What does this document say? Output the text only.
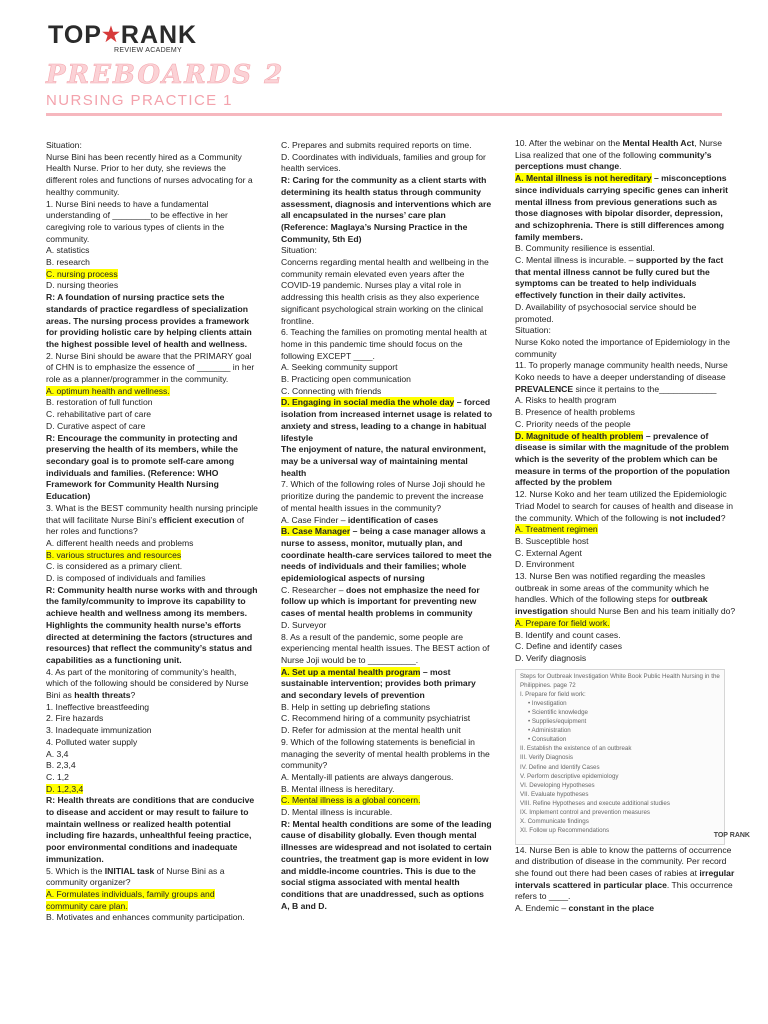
TOP★RANK
REVIEW ACADEMY
PREBOARDS 2
NURSING PRACTICE 1

Situation:

Nurse Bini has been recently hired as a Community Health Nurse. Prior to her duty, she reviews the different roles and functions of nurses advocating for a healthy community.

1. Nurse Bini needs to have a fundamental understanding of ________to be effective in her caregiving role to various types of clients in the community.

A. statistics

B. research

C. nursing process

D. nursing theories

R: A foundation of nursing practice sets the standards of practice regardless of specialization areas. The nursing process provides a framework for providing holistic care by helping clients attain the highest possible level of health and wellness.

2. Nurse Bini should be aware that the PRIMARY goal of CHN is to emphasize the essence of _______ in her role as a planner/programmer in the community.

A. optimum health and wellness.

B. restoration of full function

C. rehabilitative part of care

D. Curative aspect of care

R: Encourage the community in protecting and preserving the health of its members, while the secondary goal is to promote self-care among individuals and families. (Reference: WHO Framework for Community Health Nursing Education)

3. What is the BEST community health nursing principle that will facilitate Nurse Bini’s efficient execution of her roles and functions?

A. different health needs and problems

B. various structures and resources

C. is considered as a primary client.

D. is composed of individuals and families

R: Community health nurse works with and through the family/community to improve its capability to achieve health and wellness among its members. Highlights the community health nurse’s efforts directed at determining the factors (structures and resources) that reflect the community’s status and capabilities as a functioning unit.

4. As part of the monitoring of community’s health, which of the following should be considered by Nurse Bini as health threats?

1. Ineffective breastfeeding

2. Fire hazards

3. Inadequate immunization

4. Polluted water supply

A. 3,4

B. 2,3,4

C. 1,2

D. 1,2,3,4

R: Health threats are conditions that are conducive to disease and accident or may result to failure to maintain wellness or realized health potential including fire hazards, unhealthful feeing practice, poor environmental conditions and inadequate immunization.

5. Which is the INITIAL task of Nurse Bini as a community organizer?

A. Formulates individuals, family groups and community care plan.

B. Motivates and enhances community participation.

C. Prepares and submits required reports on time.

D. Coordinates with individuals, families and group for health services.

R: Caring for the community as a client starts with determining its health status through community assessment, diagnosis and interventions which are all encapsulated in the nurses’ care plan (Reference: Maglaya’s Nursing Practice in the Community, 5th Ed)

Situation:

Concerns regarding mental health and wellbeing in the community remain elevated even years after the COVID-19 pandemic. Nurses play a vital role in addressing this health crisis as they also experience significant psychological strain working on the clinical frontline.

6. Teaching the families on promoting mental health at home in this pandemic time should focus on the following EXCEPT ____.

A. Seeking community support

B. Practicing open communication

C. Connecting with friends

D. Engaging in social media the whole day – forced isolation from increased internet usage is related to anxiety and stress, leading to a change in habitual lifestyle

The enjoyment of nature, the natural environment, may be a universal way of maintaining mental health

7. Which of the following roles of Nurse Joji should he prioritize during the pandemic to prevent the increase of mental health issues in the community?

A. Case Finder – identification of cases

B. Case Manager – being a case manager allows a nurse to assess, monitor, mutually plan, and coordinate health-care services tailored to meet the needs of individuals and their families; whole epidemiological aspects of nursing

C. Researcher – does not emphasize the need for follow up which is important for preventing new cases of mental health problems in community

D. Surveyor

8. As a result of the pandemic, some people are experiencing mental health issues. The BEST action of Nurse Joji would be to __________.

A. Set up a mental health program – most sustainable intervention; provides both primary and secondary levels of prevention

B. Help in setting up debriefing stations

C. Recommend hiring of a community psychiatrist

D. Refer for admission at the mental health unit

9. Which of the following statements is beneficial in managing the severity of mental health problems in the community?

A. Mentally-ill patients are always dangerous.

B. Mental illness is hereditary.

C. Mental illness is a global concern.

D. Mental illness is incurable.

R: Mental health conditions are some of the leading cause of disability globally. Even though mental illnesses are widespread and not isolated to certain countries, the treatment gap is more evident in low and middle-income countries. This is due to the social stigma associated with mental health conditions that are unaddressed, such as options A, B and D.

10. After the webinar on the Mental Health Act, Nurse Lisa realized that one of the following community’s perceptions must change.

A. Mental illness is not hereditary – misconceptions since individuals carrying specific genes can inherit mental illness from previous generations such as those diagnoses with bipolar disorder, depression, and schizophrenia. There is still differences among family members.

B. Community resilience is essential.

C. Mental illness is incurable. – supported by the fact that mental illness cannot be fully cured but the symptoms can be treated to help individuals effectively function in their daily activites.

D. Availability of psychosocial service should be promoted.

Situation:

Nurse Koko noted the importance of Epidemiology in the community

11. To properly manage community health needs, Nurse Koko needs to have a deeper understanding of disease PREVALENCE since it pertains to the____________

A. Risks to health program

B. Presence of health problems

C. Priority needs of the people

D. Magnitude of health problem – prevalence of disease is similar with the magnitude of the problem which is the severity of the problem which can be measure in terms of the proportion of the population affected by the problem

12. Nurse Koko and her team utilized the Epidemiologic Triad Model to search for causes of health and disease in the community. Which of the following is not included?

A. Treatment regimen

B. Susceptible host

C. External Agent

D. Environment

13. Nurse Ben was notified regarding the measles outbreak in some areas of the community which he handles. Which of the following steps for outbreak investigation should Nurse Ben and his team initially do?

A. Prepare for field work.

B. Identify and count cases.

C. Define and identify cases

D. Verify diagnosis

Steps for Outbreak Investigation White Book Public Health Nursing in the Philippines. page 72
I. Prepare for field work:
• Investigation
• Scientific knowledge
• Supplies/equipment
• Administration
• Consultation
II. Establish the existence of an outbreak
III. Verify Diagnosis
IV. Define and Identify Cases
V. Perform descriptive epidemiology
VI. Developing Hypotheses
VII. Evaluate hypotheses
VIII. Refine Hypotheses and execute additional studies
IX. Implement control and prevention measures
X. Communicate findings
XI. Follow up Recommendations
TOP RANK

14. Nurse Ben is able to know the patterns of occurrence and distribution of disease in the community. Per record she found out there had been cases of rabies at irregular intervals scattered in particular place. This occurrence refers to ____.

A. Endemic – constant in the place
